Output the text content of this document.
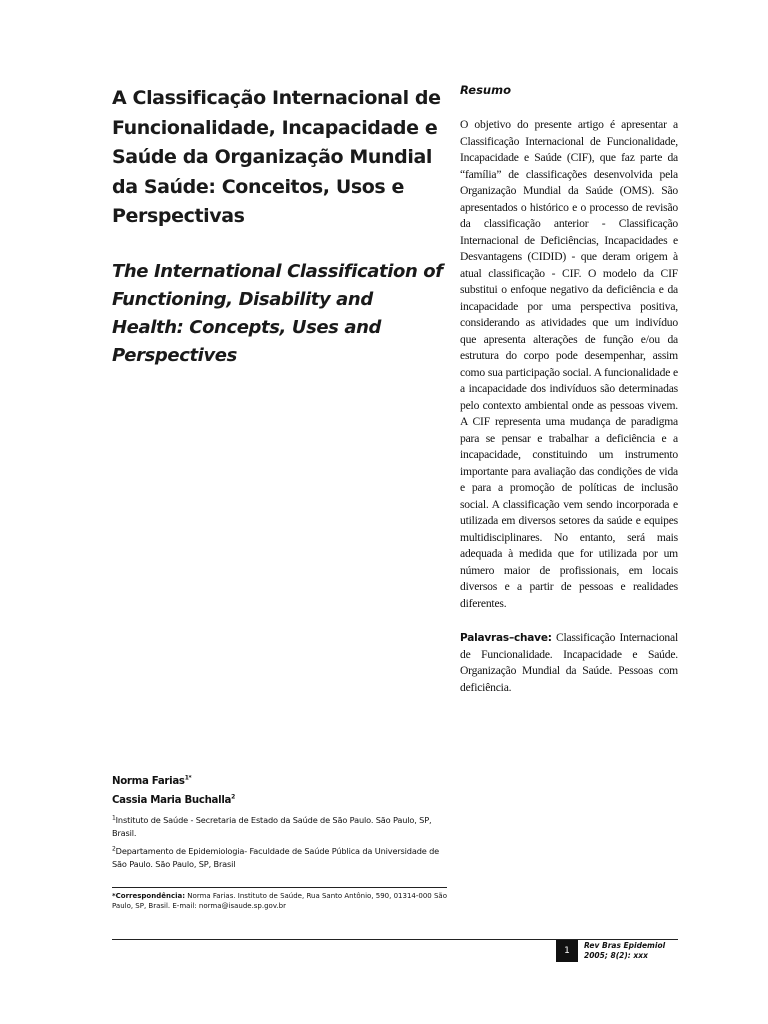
A Classificação Internacional de Funcionalidade, Incapacidade e Saúde da Organização Mundial da Saúde: Conceitos, Usos e Perspectivas
The International Classification of Functioning, Disability and Health: Concepts, Uses and Perspectives
Resumo

O objetivo do presente artigo é apresentar a Classificação Internacional de Funcionalidade, Incapacidade e Saúde (CIF), que faz parte da “família” de classificações desenvolvida pela Organização Mundial da Saúde (OMS). São apresentados o histórico e o processo de revisão da classificação anterior - Classificação Internacional de Deficiências, Incapacidades e Desvantagens (CIDID) - que deram origem à atual classificação - CIF. O modelo da CIF substitui o enfoque negativo da deficiência e da incapacidade por uma perspectiva positiva, considerando as atividades que um indivíduo que apresenta alterações de função e/ou da estrutura do corpo pode desempenhar, assim como sua participação social. A funcionalidade e a incapacidade dos indivíduos são determinadas pelo contexto ambiental onde as pessoas vivem. A CIF representa uma mudança de paradigma para se pensar e trabalhar a deficiência e a incapacidade, constituindo um instrumento importante para avaliação das condições de vida e para a promoção de políticas de inclusão social. A classificação vem sendo incorporada e utilizada em diversos setores da saúde e equipes multidisciplinares. No entanto, será mais adequada à medida que for utilizada por um número maior de profissionais, em locais diversos e a partir de pessoas e realidades diferentes.

Palavras–chave: Classificação Internacional de Funcionalidade. Incapacidade e Saúde. Organização Mundial da Saúde. Pessoas com deficiência.

Norma Farias$^{1*}$

Cassia Maria Buchalla$^2$

$^1$Instituto de Saúde - Secretaria de Estado da Saúde de São Paulo. São Paulo, SP, Brasil.

$^2$Departamento de Epidemiologia- Faculdade de Saúde Pública da Universidade de São Paulo. São Paulo, SP, Brasil

*Correspondência: Norma Farias. Instituto de Saúde, Rua Santo Antônio, 590, 01314-000 São Paulo, SP, Brasil. E-mail: norma@isaude.sp.gov.br

1
Rev Bras Epidemiol
2005; 8(2): xxx
